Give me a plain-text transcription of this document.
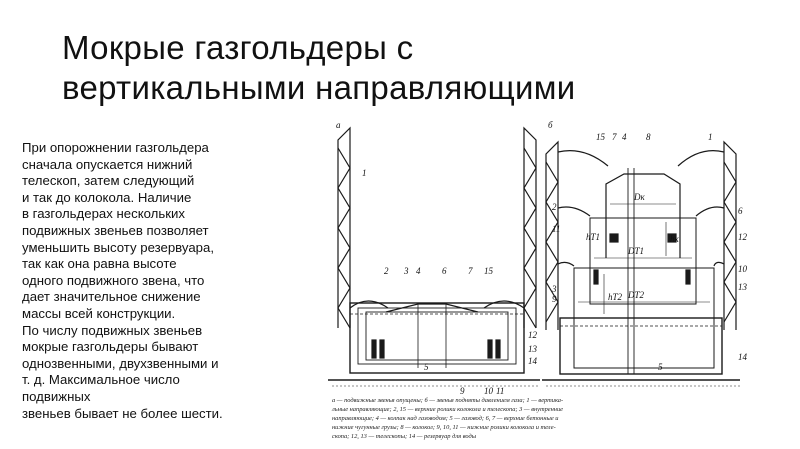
Мокрые газгольдеры с
вертикальными направляющими
При опорожнении газгольдера
сначала опускается нижний
телескоп, затем следующий
и так до колокола. Наличие
в газгольдерах нескольких
подвижных звеньев позволяет
уменьшить высоту резервуара,
так как она равна высоте
одного подвижного звена, что
дает значительное снижение
массы всей конструкции.
По числу подвижных звеньев
мокрые газгольдеры бывают
однозвенными, двухзвенными и
т. д. Максимальное число
подвижных
звеньев бывает не более шести.
а	б
1
2 3 4 6 7 15
9 10 11
12
13
14
5
15 7 4 8	1
2	6
11
12
10
3
9
13
14
5
Dк
hк
DТ1
hТ1
DТ2
hТ2
а — подвижные звенья опущены; б — звенья подняты давлением газа; 1 — вертика-
льные направляющие; 2, 15 — верхние ролики колокола и телескопа; 3 — внутренние
направляющие; 4 — колпак над газоводом; 5 — газовод; 6, 7 — верхние бетонные и
нижние чугунные грузы; 8 — колокол; 9, 10, 11 — нижние ролики колокола и теле-
скопа; 12, 13 — телескопы; 14 — резервуар для воды
